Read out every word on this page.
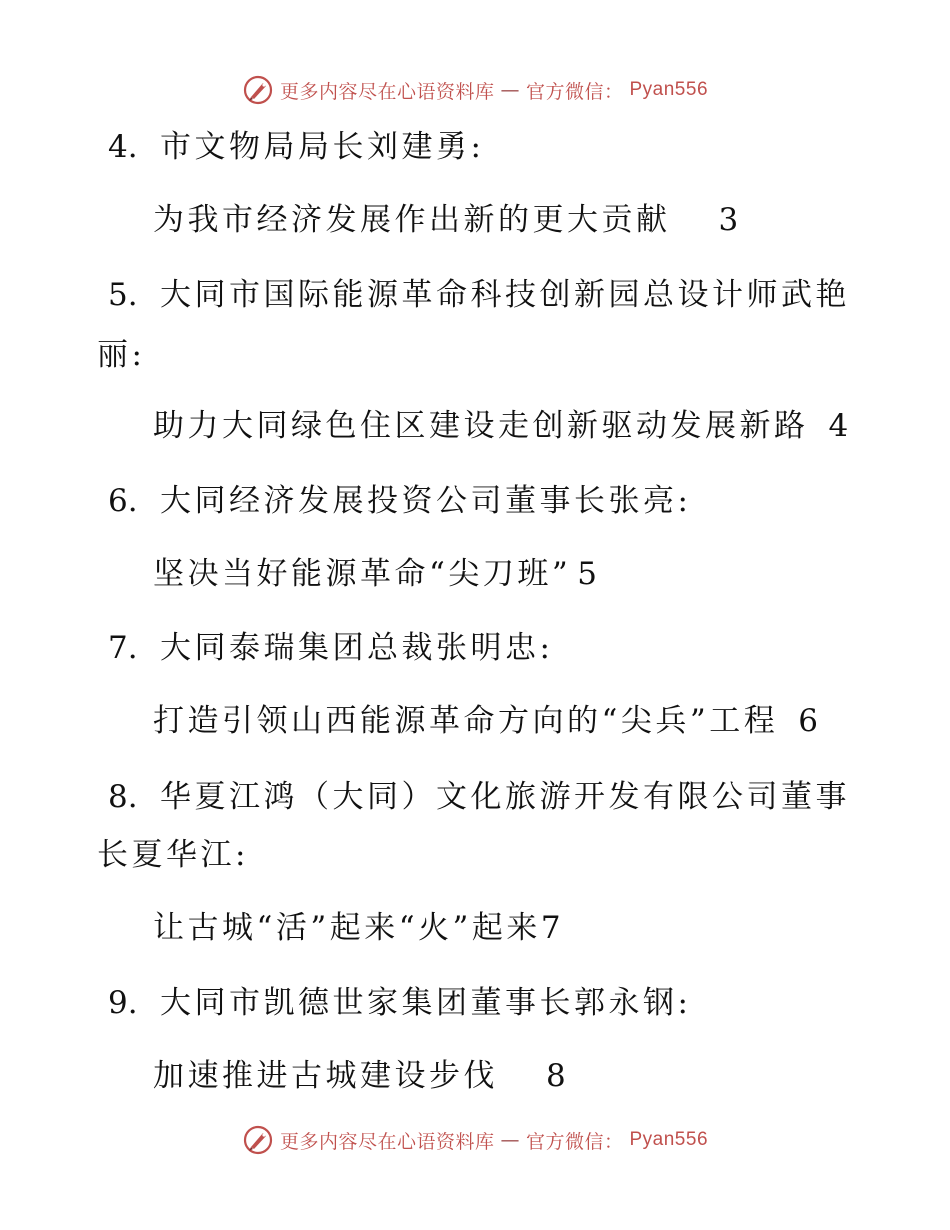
更多内容尽在心语资料库 — 官方微信： Pyan556
4. 市文物局局长刘建勇:
为我市经济发展作出新的更大贡献 3
5. 大同市国际能源革命科技创新园总设计师武艳
丽:
助力大同绿色住区建设走创新驱动发展新路 4
6. 大同经济发展投资公司董事长张亮:
坚决当好能源革命“尖刀班” 5
7. 大同泰瑞集团总裁张明忠:
打造引领山西能源革命方向的“尖兵”工程 6
8. 华夏江鸿（大同）文化旅游开发有限公司董事
长夏华江:
让古城“活”起来“火”起来7
9. 大同市凯德世家集团董事长郭永钢:
加速推进古城建设步伐 8
更多内容尽在心语资料库 — 官方微信： Pyan556
